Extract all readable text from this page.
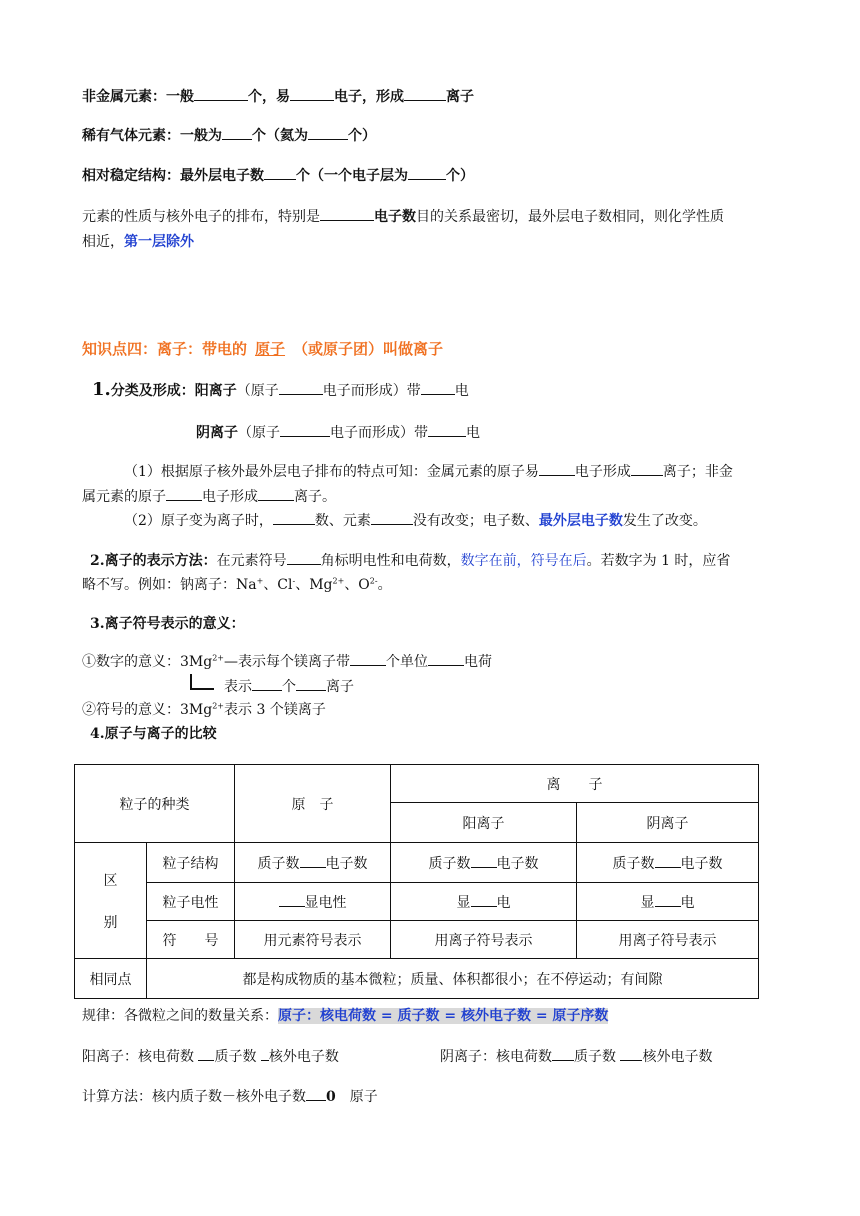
非金属元素：一般	个，易	电子，形成	离子
稀有气体元素：一般为 个（氦为	个）
相对稳定结构：最外层电子数 个（一个电子层为	个）
元素的性质与核外电子的排布，特别是	电子数目的关系最密切，最外层电子数相同，则化学性质
相近，第一层除外
知识点四：离子：带电的 原子 （或原子团）叫做离子
1.分类及形成：阳离子（原子	电子而形成）带 电
阴离子（原子	电子而形成）带	电
（1）根据原子核外最外层电子排布的特点可知：金属元素的原子易	电子形成 离子；非金
属元素的原子	电子形成	离子。
（2）原子变为离子时，	数、元素	没有改变；电子数、最外层电子数发生了改变。
2.离子的表示方法：在元素符号 角标明电性和电荷数，数字在前，符号在后。若数字为 1 时，应省
略不写。例如：钠离子：Na+、Cl-、$Mg^{2+}$、$O^{2-}$。
3.离子符号表示的意义：
①数字的意义：$3Mg^{2+}—$表示每个镁离子带	个单位	电荷
表示 个 离子
②符号的意义：$3Mg^{2+}$表示 3 个镁离子
4.原子与离子的比较
粒子的种类		原　子	离　　子	
			阳离子	阴离子

区
别	粒子结构	质子数 电子数	质子数 电子数	质子数 电子数
	粒子电性	显电性	显 电	显 电
	符　　号	用元素符号表示	用离子符号表示	用离子符号表示
相同点	都是构成物质的基本微粒；质量、体积都很小；在不停运动；有间隙			
规律：各微粒之间的数量关系：原子：核电荷数 = 质子数 = 核外电子数 = 原子序数
阳离子：核电荷数 质子数 核外电子数	阴离子：核电荷数 质子数 核外电子数
计算方法：核内质子数－核外电子数 0   原子
